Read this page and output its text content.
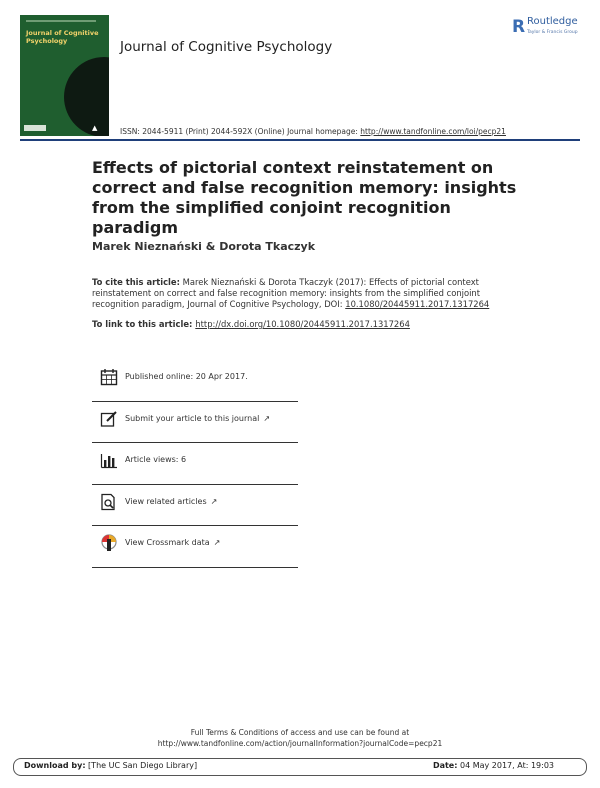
Journal of Cognitive Psychology
▲
Journal of Cognitive Psychology
R Routledge
Taylor & Francis Group
ISSN: 2044-5911 (Print) 2044-592X (Online) Journal homepage: http://www.tandfonline.com/loi/pecp21
Effects of pictorial context reinstatement on correct and false recognition memory: insights from the simplified conjoint recognition paradigm
Marek Nieznański & Dorota Tkaczyk
To cite this article: Marek Nieznański & Dorota Tkaczyk (2017): Effects of pictorial context reinstatement on correct and false recognition memory: insights from the simplified conjoint recognition paradigm, Journal of Cognitive Psychology, DOI: 10.1080/20445911.2017.1317264
To link to this article: http://dx.doi.org/10.1080/20445911.2017.1317264
Published online: 20 Apr 2017.
Submit your article to this journal ↗
Article views: 6
View related articles ↗
View Crossmark data ↗
Full Terms & Conditions of access and use can be found at
http://www.tandfonline.com/action/journalInformation?journalCode=pecp21
Download by: [The UC San Diego Library]	Date: 04 May 2017, At: 19:03
